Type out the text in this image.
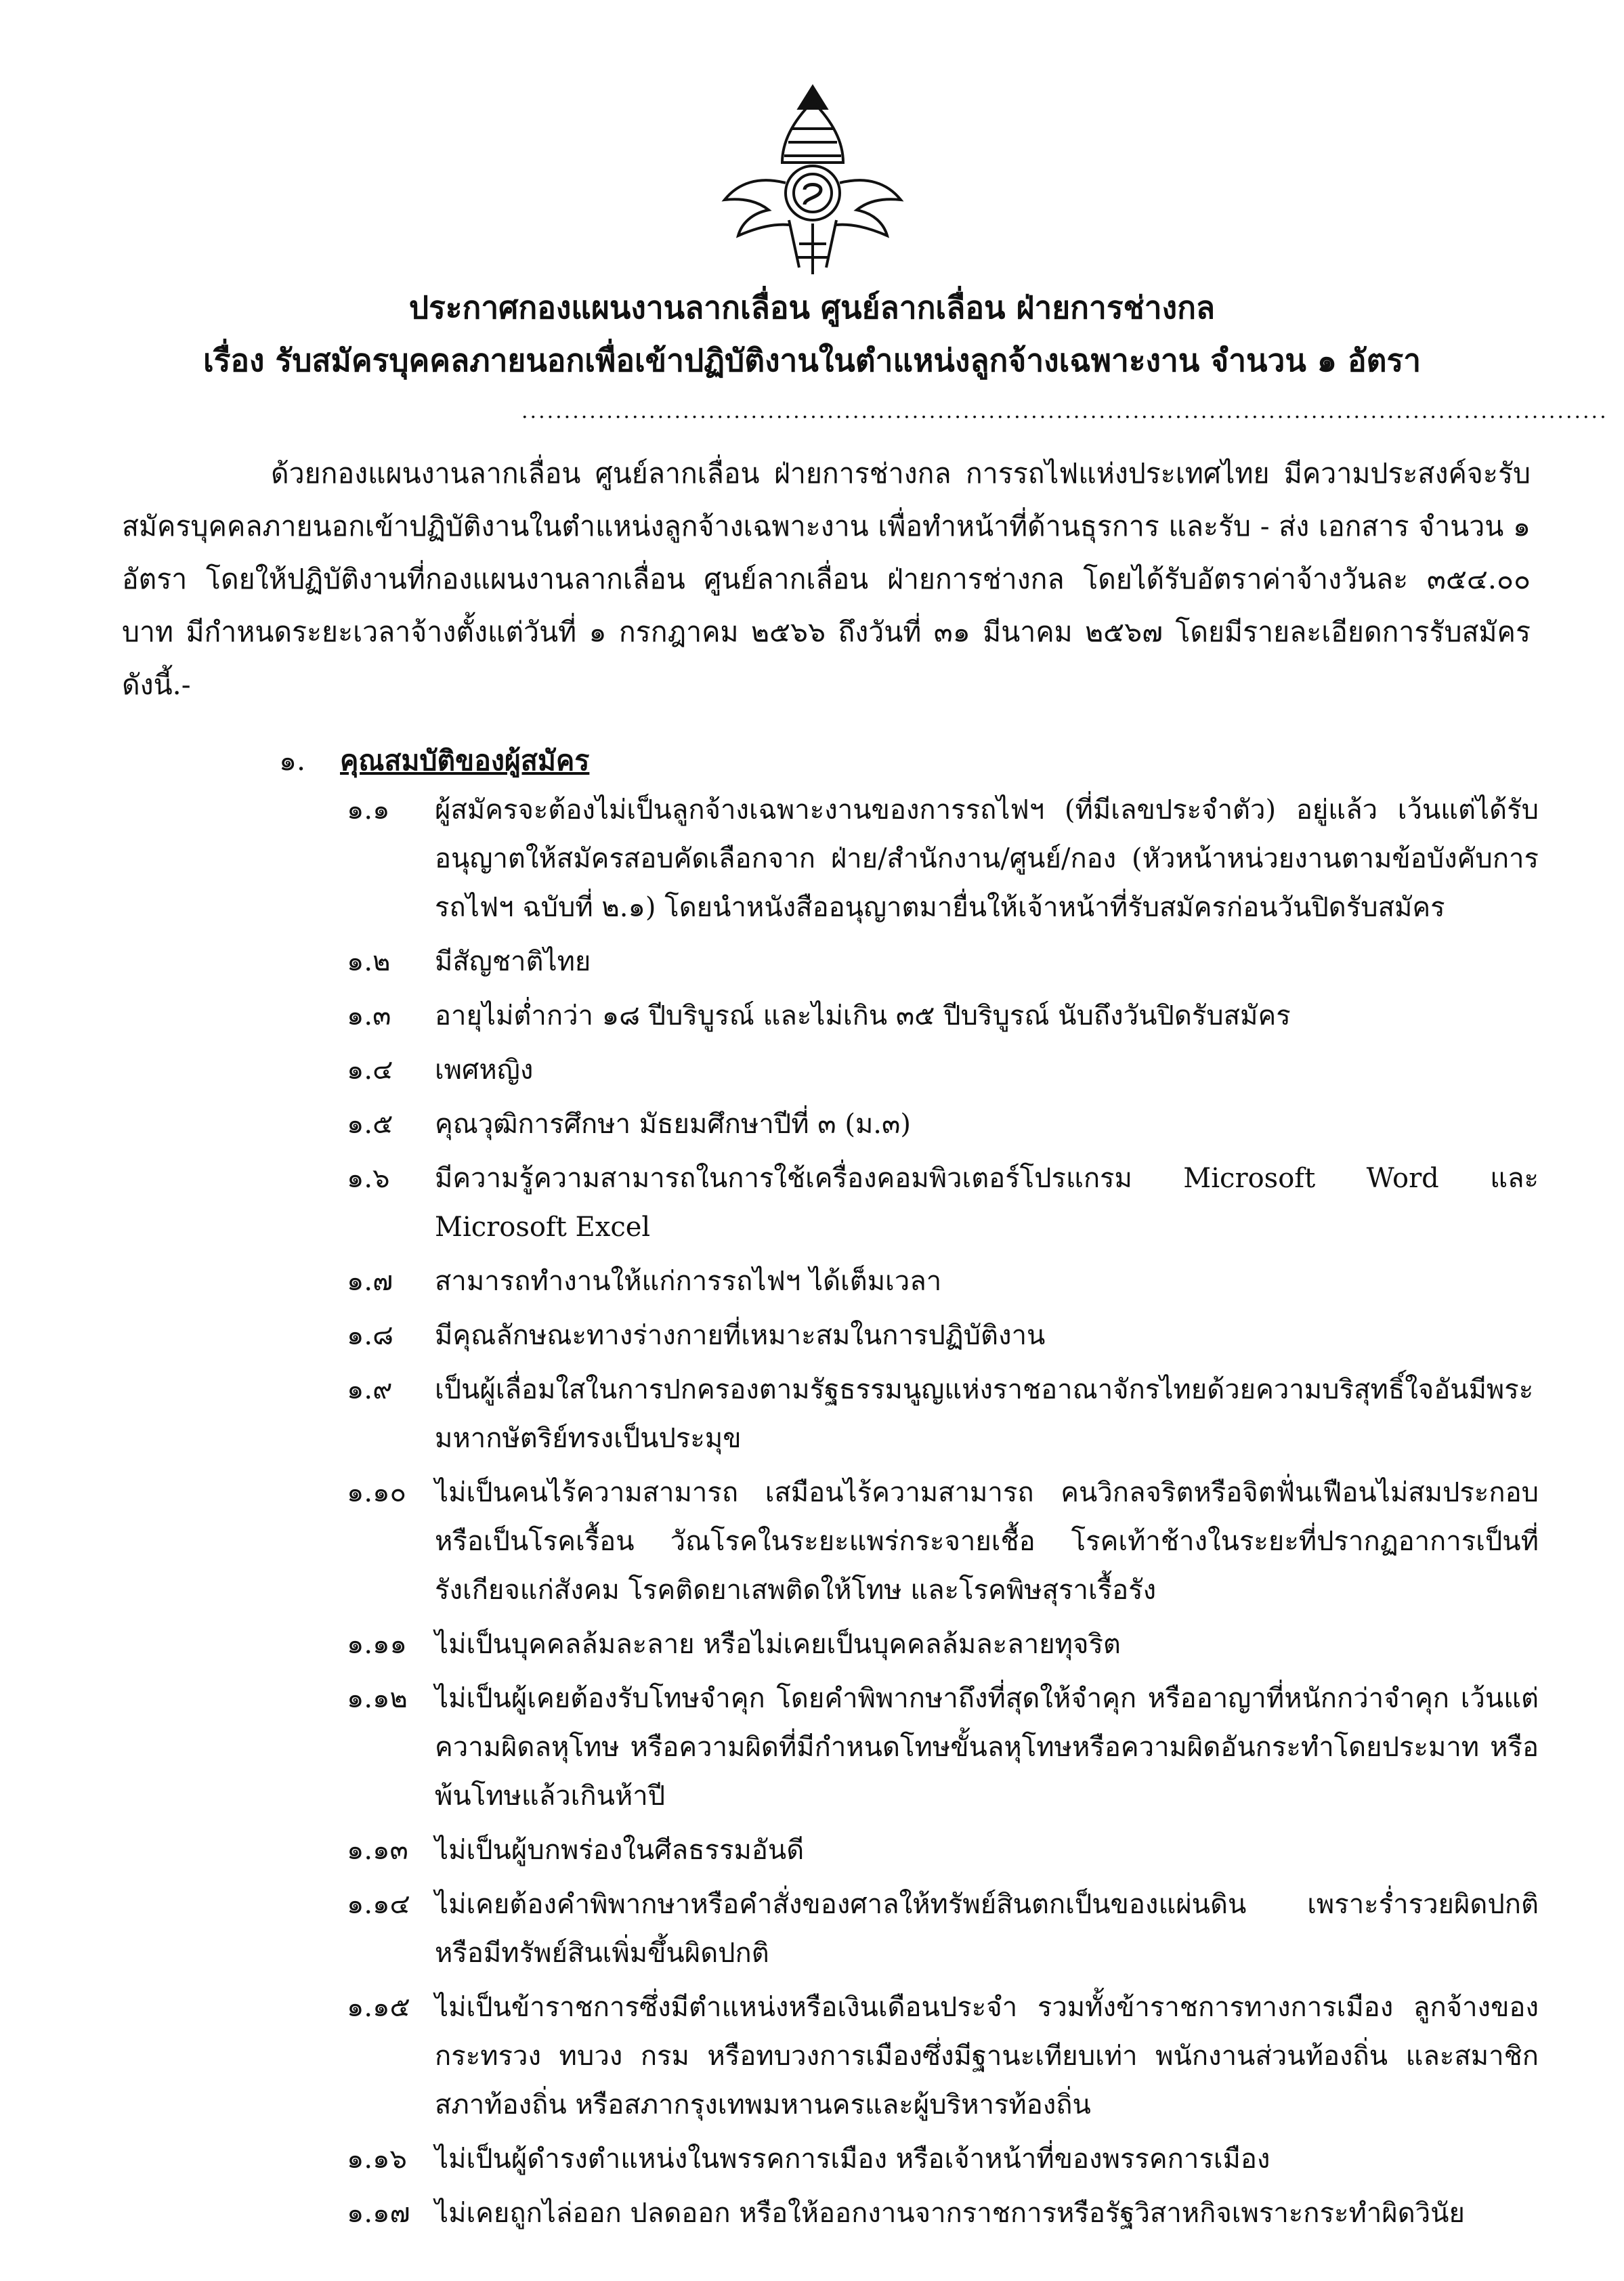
ประกาศกองแผนงานลากเลื่อน ศูนย์ลากเลื่อน ฝ่ายการช่างกล
เรื่อง รับสมัครบุคคลภายนอกเพื่อเข้าปฏิบัติงานในตำแหน่งลูกจ้างเฉพาะงาน จำนวน ๑ อัตรา
................................................................................................................................

ด้วยกองแผนงานลากเลื่อน ศูนย์ลากเลื่อน ฝ่ายการช่างกล การรถไฟแห่งประเทศไทย มีความประสงค์จะรับสมัครบุคคลภายนอกเข้าปฏิบัติงานในตำแหน่งลูกจ้างเฉพาะงาน เพื่อทำหน้าที่ด้านธุรการ และรับ - ส่ง เอกสาร จำนวน ๑ อัตรา โดยให้ปฏิบัติงานที่กองแผนงานลากเลื่อน ศูนย์ลากเลื่อน ฝ่ายการช่างกล โดยได้รับอัตราค่าจ้างวันละ ๓๕๔.๐๐ บาท มีกำหนดระยะเวลาจ้างตั้งแต่วันที่ ๑ กรกฎาคม ๒๕๖๖ ถึงวันที่ ๓๑ มีนาคม ๒๕๖๗ โดยมีรายละเอียดการรับสมัครดังนี้.-

๑. คุณสมบัติของผู้สมัคร
๑.๑	ผู้สมัครจะต้องไม่เป็นลูกจ้างเฉพาะงานของการรถไฟฯ (ที่มีเลขประจำตัว) อยู่แล้ว เว้นแต่ได้รับอนุญาตให้สมัครสอบคัดเลือกจาก ฝ่าย/สำนักงาน/ศูนย์/กอง (หัวหน้าหน่วยงานตามข้อบังคับการรถไฟฯ ฉบับที่ ๒.๑) โดยนำหนังสืออนุญาตมายื่นให้เจ้าหน้าที่รับสมัครก่อนวันปิดรับสมัคร
๑.๒	มีสัญชาติไทย
๑.๓	อายุไม่ต่ำกว่า ๑๘ ปีบริบูรณ์ และไม่เกิน ๓๕ ปีบริบูรณ์ นับถึงวันปิดรับสมัคร
๑.๔	เพศหญิง
๑.๕	คุณวุฒิการศึกษา มัธยมศึกษาปีที่ ๓ (ม.๓)
๑.๖	มีความรู้ความสามารถในการใช้เครื่องคอมพิวเตอร์โปรแกรม Microsoft Word และ Microsoft Excel
๑.๗	สามารถทำงานให้แก่การรถไฟฯ ได้เต็มเวลา
๑.๘	มีคุณลักษณะทางร่างกายที่เหมาะสมในการปฏิบัติงาน
๑.๙	เป็นผู้เลื่อมใสในการปกครองตามรัฐธรรมนูญแห่งราชอาณาจักรไทยด้วยความบริสุทธิ์ใจอันมีพระมหากษัตริย์ทรงเป็นประมุข
๑.๑๐	ไม่เป็นคนไร้ความสามารถ เสมือนไร้ความสามารถ คนวิกลจริตหรือจิตฟั่นเฟือนไม่สมประกอบหรือเป็นโรคเรื้อน วัณโรคในระยะแพร่กระจายเชื้อ โรคเท้าช้างในระยะที่ปรากฏอาการเป็นที่รังเกียจแก่สังคม โรคติดยาเสพติดให้โทษ และโรคพิษสุราเรื้อรัง
๑.๑๑	ไม่เป็นบุคคลล้มละลาย หรือไม่เคยเป็นบุคคลล้มละลายทุจริต
๑.๑๒	ไม่เป็นผู้เคยต้องรับโทษจำคุก โดยคำพิพากษาถึงที่สุดให้จำคุก หรืออาญาที่หนักกว่าจำคุก เว้นแต่ความผิดลหุโทษ หรือความผิดที่มีกำหนดโทษขั้นลหุโทษหรือความผิดอันกระทำโดยประมาท หรือพ้นโทษแล้วเกินห้าปี
๑.๑๓ ไม่เป็นผู้บกพร่องในศีลธรรมอันดี
๑.๑๔ ไม่เคยต้องคำพิพากษาหรือคำสั่งของศาลให้ทรัพย์สินตกเป็นของแผ่นดิน เพราะร่ำรวยผิดปกติ หรือมีทรัพย์สินเพิ่มขึ้นผิดปกติ
๑.๑๕ ไม่เป็นข้าราชการซึ่งมีตำแหน่งหรือเงินเดือนประจำ รวมทั้งข้าราชการทางการเมือง ลูกจ้างของกระทรวง ทบวง กรม หรือทบวงการเมืองซึ่งมีฐานะเทียบเท่า พนักงานส่วนท้องถิ่น และสมาชิกสภาท้องถิ่น หรือสภากรุงเทพมหานครและผู้บริหารท้องถิ่น
๑.๑๖	ไม่เป็นผู้ดำรงตำแหน่งในพรรคการเมือง หรือเจ้าหน้าที่ของพรรคการเมือง
๑.๑๗ ไม่เคยถูกไล่ออก ปลดออก หรือให้ออกงานจากราชการหรือรัฐวิสาหกิจเพราะกระทำผิดวินัย
